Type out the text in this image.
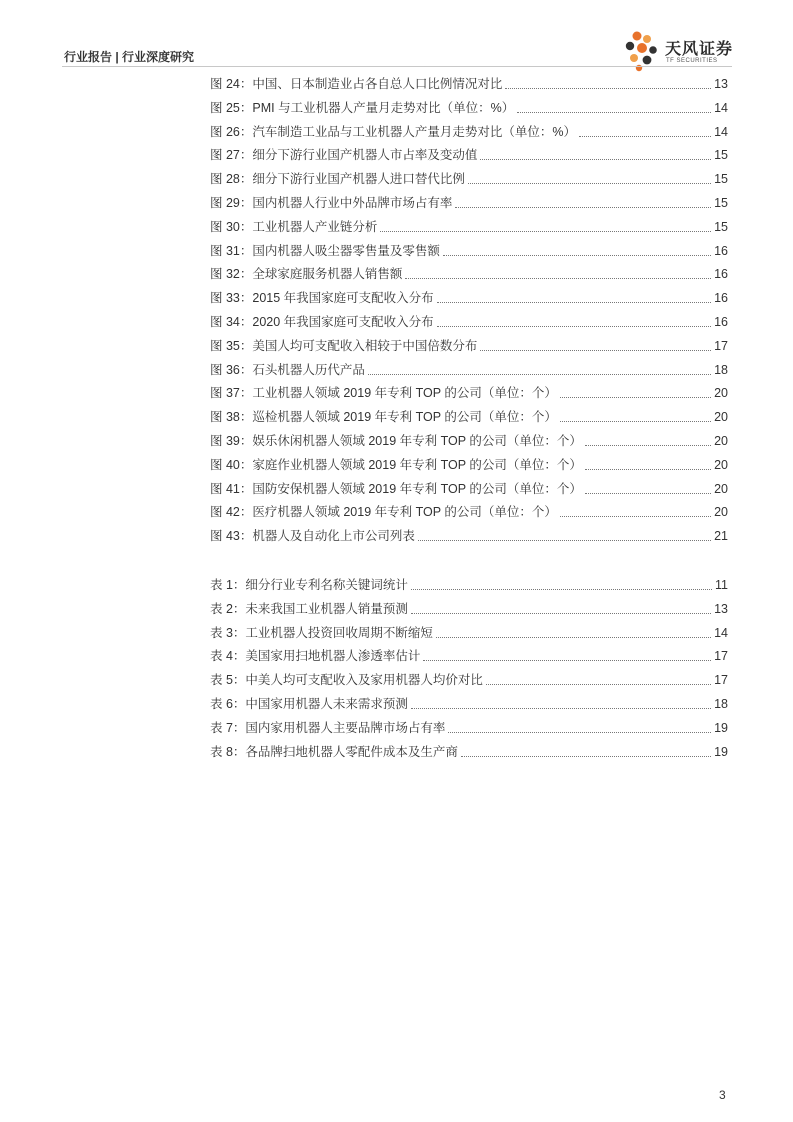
行业报告 | 行业深度研究	天风证券
TF SECURITIES
图 24：中国、日本制造业占各自总人口比例情况对比	13
图 25：PMI 与工业机器人产量月走势对比（单位：%）	14
图 26：汽车制造工业品与工业机器人产量月走势对比（单位：%）	14
图 27：细分下游行业国产机器人市占率及变动值	15
图 28：细分下游行业国产机器人进口替代比例	15
图 29：国内机器人行业中外品牌市场占有率	15
图 30：工业机器人产业链分析	15
图 31：国内机器人吸尘器零售量及零售额	16
图 32：全球家庭服务机器人销售额	16
图 33：2015 年我国家庭可支配收入分布	16
图 34：2020 年我国家庭可支配收入分布	16
图 35：美国人均可支配收入相较于中国倍数分布	17
图 36：石头机器人历代产品	18
图 37：工业机器人领域 2019 年专利 TOP 的公司（单位：个）	20
图 38：巡检机器人领域 2019 年专利 TOP 的公司（单位：个）	20
图 39：娱乐休闲机器人领域 2019 年专利 TOP 的公司（单位：个）	20
图 40：家庭作业机器人领域 2019 年专利 TOP 的公司（单位：个）	20
图 41：国防安保机器人领域 2019 年专利 TOP 的公司（单位：个）	20
图 42：医疗机器人领域 2019 年专利 TOP 的公司（单位：个）	20
图 43：机器人及自动化上市公司列表	21
表 1：细分行业专利名称关键词统计	11
表 2：未来我国工业机器人销量预测	13
表 3：工业机器人投资回收周期不断缩短	14
表 4：美国家用扫地机器人渗透率估计	17
表 5：中美人均可支配收入及家用机器人均价对比	17
表 6：中国家用机器人未来需求预测	18
表 7：国内家用机器人主要品牌市场占有率	19
表 8：各品牌扫地机器人零配件成本及生产商	19
3
